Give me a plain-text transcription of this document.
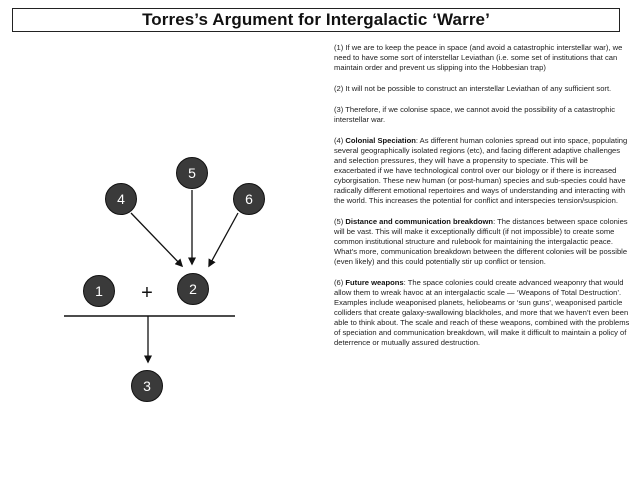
Torres’s Argument for Intergalactic ‘Warre’
4
5
6
1	2
3
+

(1) If we are to keep the peace in space (and avoid a catastrophic interstellar war), we need to have some sort of interstellar Leviathan (i.e. some set of institutions that can maintain order and prevent us slipping into the Hobbesian trap)

(2) It will not be possible to construct an interstellar Leviathan of any sufficient sort.

(3) Therefore, if we colonise space, we cannot avoid the possibility of a catastrophic interstellar war.

(4) Colonial Speciation: As different human colonies spread out into space, populating several geographically isolated regions (etc), and facing different adaptive challenges and selection pressures, they will have a propensity to speciate. This will be exacerbated if we have technological control over our biology or if there is increased cyborgisation. These new human (or post-human) species and sub-species could have radically different emotional repertoires and ways of understanding and interacting with the world. This increases the potential for conflict and interspecies tension/suspicion.

(5) Distance and communication breakdown: The distances between space colonies will be vast. This will make it exceptionally difficult (if not impossible) to create some common institutional structure and rulebook for maintaining the intergalactic peace. What’s more, communication breakdown between the different colonies will be possible (even likely) and this could potentially stir up conflict or tension.

(6) Future weapons: The space colonies could create advanced weaponry that would allow them to wreak havoc at an intergalactic scale — ‘Weapons of Total Destruction’. Examples include weaponised planets, heliobeams or ‘sun guns’, weaponised particle colliders that create galaxy-swallowing blackholes, and more that we haven’t even been able to think about. The scale and reach of these weapons, combined with the problems of speciation and communication breakdown, will make it difficult to maintain a policy of deterrence or mutually assured destruction.
